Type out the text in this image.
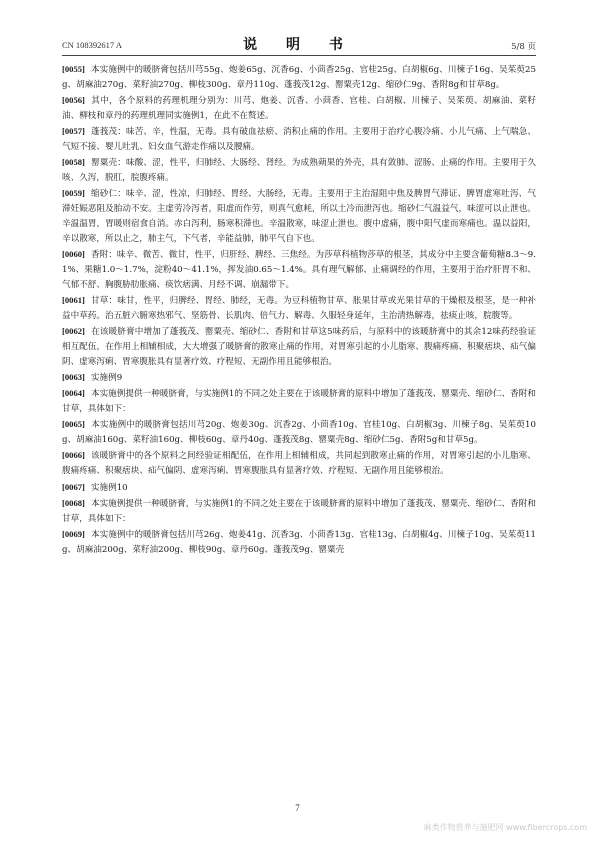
CN 108392617 A	说 明 书	5/8 页

[0055] 本实施例中的暖脐膏包括川芎55g、炮姜65g、沉香6g、小茴香25g、官桂25g、白胡椒6g、川楝子16g、吴茱萸25g、胡麻油270g、菜籽油270g、柳枝300g、章丹110g、蓬莪茂12g、罂粟壳12g、缩砂仁9g、香附8g和甘草8g。

[0056] 其中，各个原料的药理机理分别为：川芎、炮姜、沉香、小茴香、官桂、白胡椒、川楝子、吴茱萸、胡麻油、菜籽油、柳枝和章丹的药理机理同实施例1，在此不在赘述。

[0057] 蓬莪茂：味苦、辛，性温，无毒。具有破血祛瘀、消积止痛的作用。主要用于治疗心腹冷痛、小儿气痛、上气喘急、气短不接、婴儿吐乳、妇女血气游走作痛以及腰痛。

[0058] 罂粟壳：味酸、涩，性平，归肺经、大肠经、肾经。为成熟蒴果的外壳，具有敛肺、涩肠、止痛的作用。主要用于久咳、久泻，脱肛，脘腹疼痛。

[0059] 缩砂仁：味辛、涩，性凉，归肺经、胃经、大肠经，无毒。主要用于主治湿阻中焦及脾胃气滞证、脾胃虚寒吐泻、气滞妊娠恶阻及胎动不安。主虚劳冷泻者，阳虚而作劳，则真气愈耗，所以土冷而泄泻也。缩砂仁气温益气，味涩可以止泄也。辛温温胃，胃暖则宿食自消。赤白泻利，肠寒积滞也。辛温散寒，味涩止泄也。腹中虚痛，腹中阳气虚而寒痛也。温以益阳，辛以散寒，所以止之，肺主气，下气者，辛能益肺，肺平气自下也。

[0060] 香附：味辛、微苦、微甘，性平，归肝经、脾经、三焦经。为莎草科植物莎草的根茎，其成分中主要含葡萄糖8.3～9.1%、果糖1.0～1.7%，淀粉40～41.1%，挥发油0.65～1.4%。具有理气解郁、止痛调经的作用，主要用于治疗肝胃不和、气郁不舒、胸腹胁肋胀痛、痰饮痞满、月经不调、崩漏带下。

[0061] 甘草：味甘，性平，归脾经、胃经、肺经，无毒。为豆科植物甘草、胀果甘草或光果甘草的干燥根及根茎，是一种补益中草药。治五脏六腑寒热邪气、坚筋骨、长肌肉、倍气力、解毒、久服轻身延年，主治清热解毒，祛痰止咳，脘腹等。

[0062] 在该暖脐膏中增加了蓬莪茂、罂粟壳、缩砂仁、香附和甘草这5味药后，与原料中的该暖脐膏中的其余12味药经验证相互配伍，在作用上相辅相成，大大增强了暖脐膏的散寒止痛的作用，对胃寒引起的小儿脂寒、腹痛疼痛、积聚痞块、疝气偏阴、虚寒泻痢、胃寒腹胀具有显著疗效、疗程短、无副作用且能够根治。

[0063] 实施例9

[0064] 本实施例提供一种暖脐膏，与实施例1的不同之处主要在于该暖脐膏的原料中增加了蓬莪茂、罂粟壳、缩砂仁、香附和甘草，具体如下：

[0065] 本实施例中的暖脐膏包括川芎20g、炮姜30g、沉香2g、小茴香10g、官桂10g、白胡椒3g、川楝子8g、吴茱萸10g、胡麻油160g、菜籽油160g、柳枝60g、章丹40g、蓬莪茂8g、罂粟壳8g、缩砂仁5g、香附5g和甘草5g。

[0066] 该暖脐膏中的各个原料之间经验证相配伍，在作用上相辅相成，共同起到散寒止痛的作用，对胃寒引起的小儿脂寒、腹痛疼痛、积聚痞块、疝气偏阴、虚寒泻痢、胃寒腹胀具有显著疗效、疗程短、无副作用且能够根治。

[0067] 实施例10

[0068] 本实施例提供一种暖脐膏，与实施例1的不同之处主要在于该暖脐膏的原料中增加了蓬莪茂、罂粟壳、缩砂仁、香附和甘草，具体如下：

[0069] 本实施例中的暖脐膏包括川芎26g、炮姜41g、沉香3g、小茴香13g、官桂13g、白胡椒4g、川楝子10g、吴茱萸11g、胡麻油200g、菜籽油200g、柳枝90g、章丹60g、蓬莪茂9g、罂粟壳

7
麻类作物营养与施肥网 www.fibercrops.com
